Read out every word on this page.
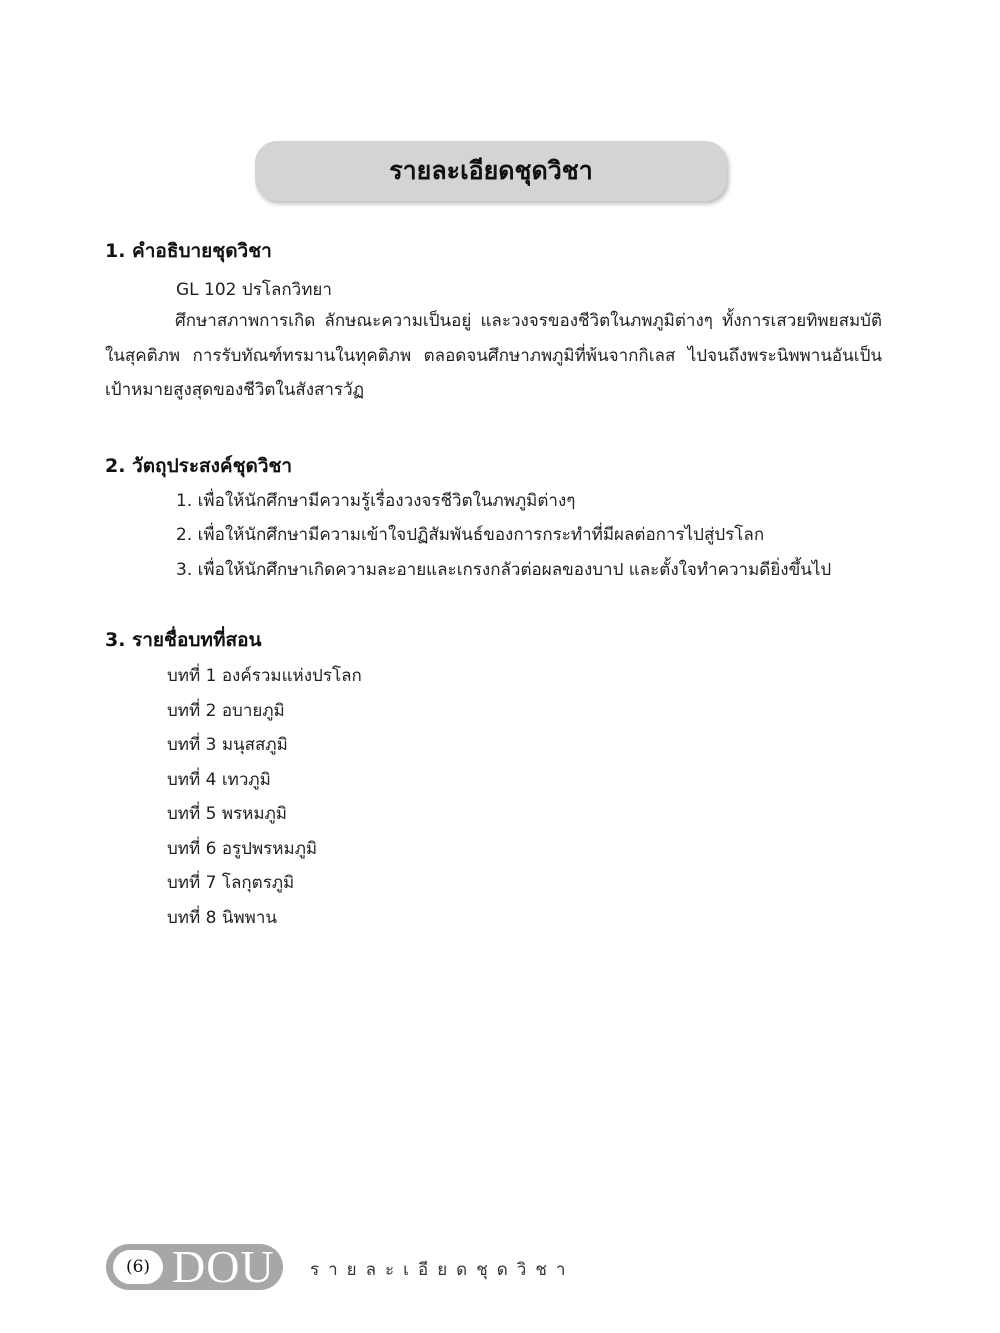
รายละเอียดชุดวิชา
1. คำอธิบายชุดวิชา
GL 102 ปรโลกวิทยา

ศึกษาสภาพการเกิด ลักษณะความเป็นอยู่ และวงจรของชีวิตในภพภูมิต่างๆ ทั้งการเสวยทิพยสมบัติในสุคติภพ การรับทัณฑ์ทรมานในทุคติภพ ตลอดจนศึกษาภพภูมิที่พ้นจากกิเลส ไปจนถึงพระนิพพานอันเป็นเป้าหมายสูงสุดของชีวิตในสังสารวัฏ

2. วัตถุประสงค์ชุดวิชา
1. เพื่อให้นักศึกษามีความรู้เรื่องวงจรชีวิตในภพภูมิต่างๆ
2. เพื่อให้นักศึกษามีความเข้าใจปฏิสัมพันธ์ของการกระทำที่มีผลต่อการไปสู่ปรโลก
3. เพื่อให้นักศึกษาเกิดความละอายและเกรงกลัวต่อผลของบาป และตั้งใจทำความดียิ่งขึ้นไป
3. รายชื่อบทที่สอน
บทที่ 1 องค์รวมแห่งปรโลก
บทที่ 2 อบายภูมิ
บทที่ 3 มนุสสภูมิ
บทที่ 4 เทวภูมิ
บทที่ 5 พรหมภูมิ
บทที่ 6 อรูปพรหมภูมิ
บทที่ 7 โลกุตรภูมิ
บทที่ 8 นิพพาน
(6) DOU รายละเอียดชุดวิชา
